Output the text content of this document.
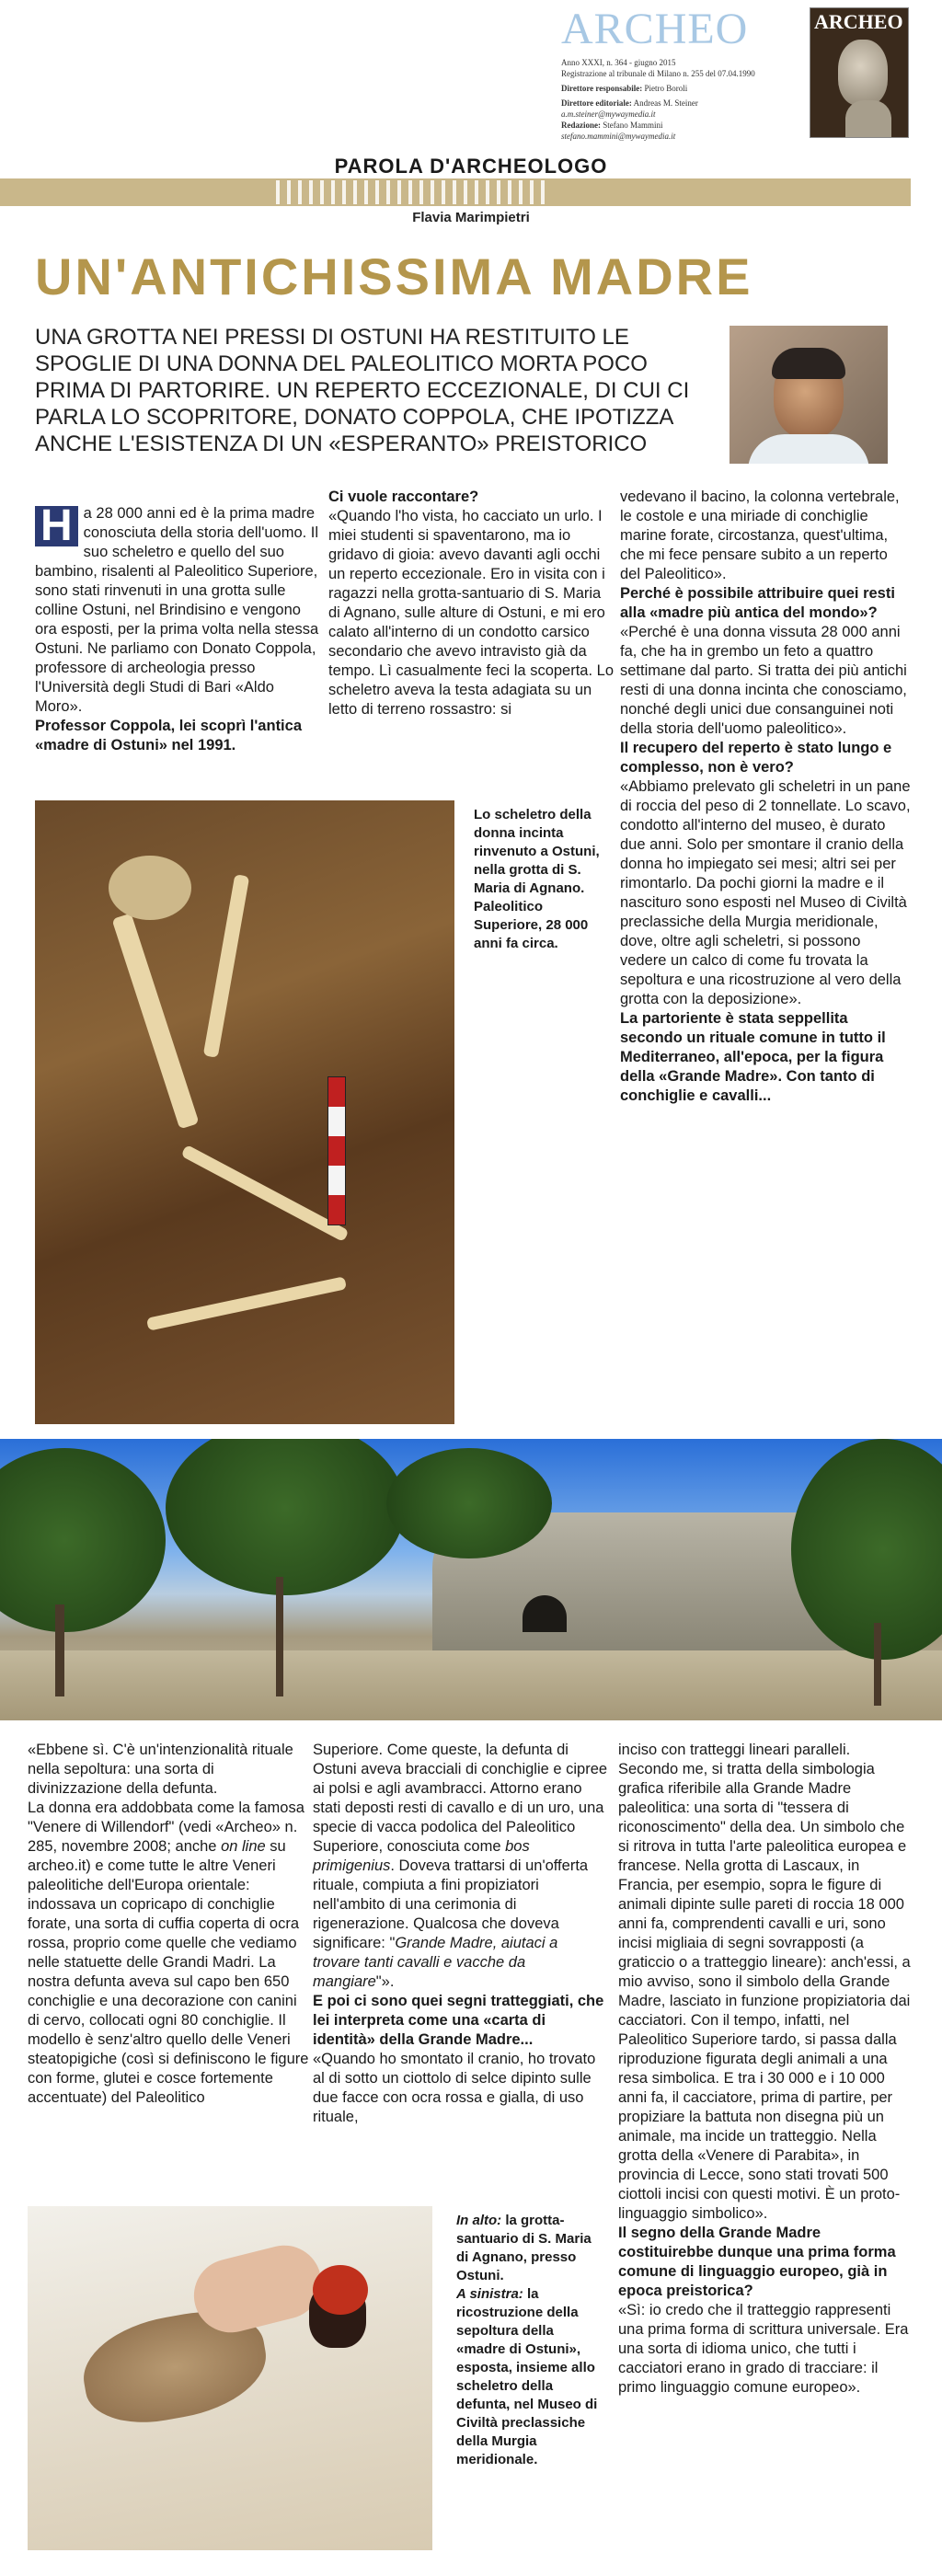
ARCHEO
Anno XXXI, n. 364 - giugno 2015
Registrazione al tribunale di Milano n. 255 del 07.04.1990
Direttore responsabile: Pietro Boroli
Direttore editoriale: Andreas M. Steiner
a.m.steiner@mywaymedia.it
Redazione: Stefano Mammini
stefano.mammini@mywaymedia.it
ARCHEO
PAROLA D'ARCHEOLOGO
Flavia Marimpietri
UN'ANTICHISSIMA MADRE
UNA GROTTA NEI PRESSI DI OSTUNI HA RESTITUITO LE SPOGLIE DI UNA DONNA DEL PALEOLITICO MORTA POCO PRIMA DI PARTORIRE. UN REPERTO ECCEZIONALE, DI CUI CI PARLA LO SCOPRITORE, DONATO COPPOLA, CHE IPOTIZZA ANCHE L'ESISTENZA DI UN «ESPERANTO» PREISTORICO

H a 28 000 anni ed è la prima madre conosciuta della storia dell'uomo. Il suo scheletro e quello del suo bambino, risalenti al Paleolitico Superiore, sono stati rinvenuti in una grotta sulle colline Ostuni, nel Brindisino e vengono ora esposti, per la prima volta nella stessa Ostuni. Ne parliamo con Donato Coppola, professore di archeologia presso l'Università degli Studi di Bari «Aldo Moro».

Professor Coppola, lei scoprì l'antica «madre di Ostuni» nel 1991.

Ci vuole raccontare?

«Quando l'ho vista, ho cacciato un urlo. I miei studenti si spaventarono, ma io gridavo di gioia: avevo davanti agli occhi un reperto eccezionale. Ero in visita con i ragazzi nella grotta-santuario di S. Maria di Agnano, sulle alture di Ostuni, e mi ero calato all'interno di un condotto carsico secondario che avevo intravisto già da tempo. Lì casualmente feci la scoperta. Lo scheletro aveva la testa adagiata su un letto di terreno rossastro: si

Lo scheletro della donna incinta rinvenuto a Ostuni, nella grotta di S. Maria di Agnano. Paleolitico Superiore, 28 000 anni fa circa.

vedevano il bacino, la colonna vertebrale, le costole e una miriade di conchiglie marine forate, circostanza, quest'ultima, che mi fece pensare subito a un reperto del Paleolitico».

Perché è possibile attribuire quei resti alla «madre più antica del mondo»?

«Perché è una donna vissuta 28 000 anni fa, che ha in grembo un feto a quattro settimane dal parto. Si tratta dei più antichi resti di una donna incinta che conosciamo, nonché degli unici due consanguinei noti della storia dell'uomo paleolitico».

Il recupero del reperto è stato lungo e complesso, non è vero?

«Abbiamo prelevato gli scheletri in un pane di roccia del peso di 2 tonnellate. Lo scavo, condotto all'interno del museo, è durato due anni. Solo per smontare il cranio della donna ho impiegato sei mesi; altri sei per rimontarlo. Da pochi giorni la madre e il nascituro sono esposti nel Museo di Civiltà preclassiche della Murgia meridionale, dove, oltre agli scheletri, si possono vedere un calco di come fu trovata la sepoltura e una ricostruzione al vero della grotta con la deposizione».

La partoriente è stata seppellita secondo un rituale comune in tutto il Mediterraneo, all'epoca, per la figura della «Grande Madre». Con tanto di conchiglie e cavalli...

«Ebbene sì. C'è un'intenzionalità rituale nella sepoltura: una sorta di divinizzazione della defunta.

La donna era addobbata come la famosa "Venere di Willendorf" (vedi «Archeo» n. 285, novembre 2008; anche on line su archeo.it) e come tutte le altre Veneri paleolitiche dell'Europa orientale: indossava un copricapo di conchiglie forate, una sorta di cuffia coperta di ocra rossa, proprio come quelle che vediamo nelle statuette delle Grandi Madri. La nostra defunta aveva sul capo ben 650 conchiglie e una decorazione con canini di cervo, collocati ogni 80 conchiglie. Il modello è senz'altro quello delle Veneri steatopigiche (così si definiscono le figure con forme, glutei e cosce fortemente accentuate) del Paleolitico

Superiore. Come queste, la defunta di Ostuni aveva bracciali di conchiglie e cipree ai polsi e agli avambracci. Attorno erano stati deposti resti di cavallo e di un uro, una specie di vacca podolica del Paleolitico Superiore, conosciuta come bos primigenius. Doveva trattarsi di un'offerta rituale, compiuta a fini propiziatori nell'ambito di una cerimonia di rigenerazione. Qualcosa che doveva significare: "Grande Madre, aiutaci a trovare tanti cavalli e vacche da mangiare"».

E poi ci sono quei segni tratteggiati, che lei interpreta come una «carta di identità» della Grande Madre...

«Quando ho smontato il cranio, ho trovato al di sotto un ciottolo di selce dipinto sulle due facce con ocra rossa e gialla, di uso rituale,

In alto: la grotta-santuario di S. Maria di Agnano, presso Ostuni.
A sinistra: la ricostruzione della sepoltura della «madre di Ostuni», esposta, insieme allo scheletro della defunta, nel Museo di Civiltà preclassiche della Murgia meridionale.

inciso con tratteggi lineari paralleli. Secondo me, si tratta della simbologia grafica riferibile alla Grande Madre paleolitica: una sorta di "tessera di riconoscimento" della dea. Un simbolo che si ritrova in tutta l'arte paleolitica europea e francese. Nella grotta di Lascaux, in Francia, per esempio, sopra le figure di animali dipinte sulle pareti di roccia 18 000 anni fa, comprendenti cavalli e uri, sono incisi migliaia di segni sovrapposti (a graticcio o a tratteggio lineare): anch'essi, a mio avviso, sono il simbolo della Grande Madre, lasciato in funzione propiziatoria dai cacciatori. Con il tempo, infatti, nel Paleolitico Superiore tardo, si passa dalla riproduzione figurata degli animali a una resa simbolica. E tra i 30 000 e i 10 000 anni fa, il cacciatore, prima di partire, per propiziare la battuta non disegna più un animale, ma incide un tratteggio. Nella grotta della «Venere di Parabita», in provincia di Lecce, sono stati trovati 500 ciottoli incisi con questi motivi. È un proto-linguaggio simbolico».

Il segno della Grande Madre costituirebbe dunque una prima forma comune di linguaggio europeo, già in epoca preistorica?

«Sì: io credo che il tratteggio rappresenti una prima forma di scrittura universale. Era una sorta di idioma unico, che tutti i cacciatori erano in grado di tracciare: il primo linguaggio comune europeo».
